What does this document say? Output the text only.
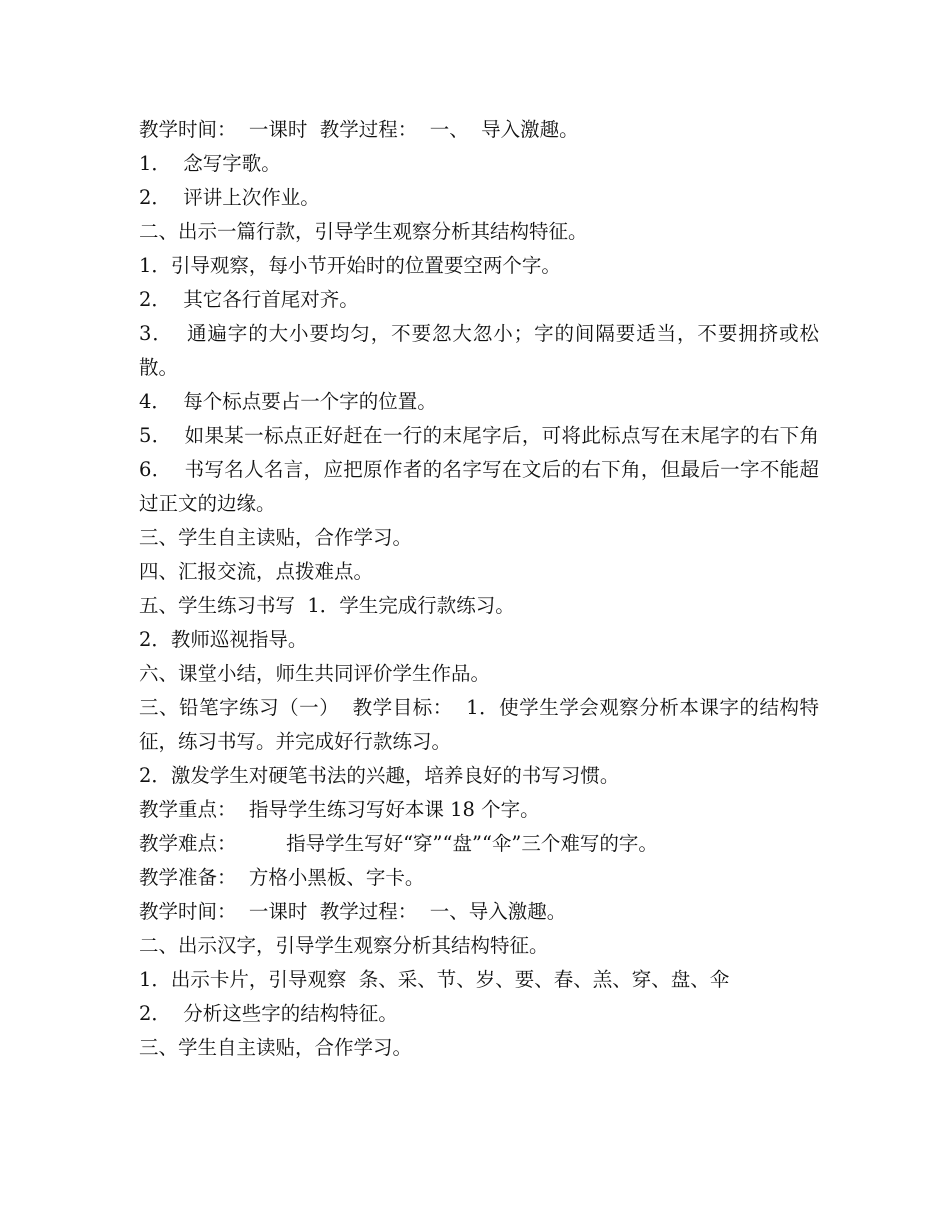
教学时间：  一课时  教学过程：  一、  导入激趣。

1．  念写字歌。

2．  评讲上次作业。

二、出示一篇行款，引导学生观察分析其结构特征。

1．引导观察，每小节开始时的位置要空两个字。

2．  其它各行首尾对齐。

3．  通遍字的大小要均匀，不要忽大忽小；字的间隔要适当，不要拥挤或松散。

4．  每个标点要占一个字的位置。

5．  如果某一标点正好赶在一行的末尾字后，可将此标点写在末尾字的右下角  6．  书写名人名言，应把原作者的名字写在文后的右下角，但最后一字不能超过正文的边缘。

三、学生自主读贴，合作学习。

四、汇报交流，点拨难点。

五、学生练习书写  1．学生完成行款练习。

2．教师巡视指导。

六、课堂小结，师生共同评价学生作品。

三、铅笔字练习（一）  教学目标：  1．使学生学会观察分析本课字的结构特征，练习书写。并完成好行款练习。

2．激发学生对硬笔书法的兴趣，培养良好的书写习惯。

教学重点：  指导学生练习写好本课 18 个字。

教学难点：        指导学生写好“穿”“盘”“伞”三个难写的字。

教学准备：  方格小黑板、字卡。

教学时间：  一课时  教学过程：  一、导入激趣。

二、出示汉字，引导学生观察分析其结构特征。

1．出示卡片，引导观察  条、采、节、岁、要、春、羔、穿、盘、伞

2．  分析这些字的结构特征。

三、学生自主读贴，合作学习。
